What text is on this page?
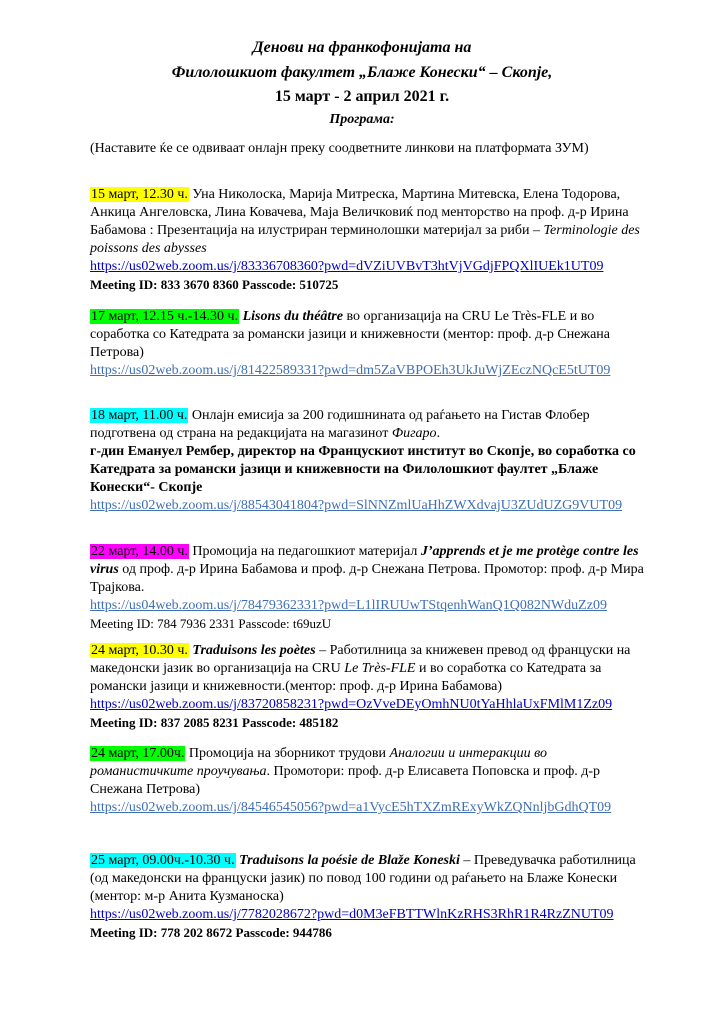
Денови на франкофонијата на
Филолошкиот факултет „Блаже Конески“ – Скопје,
15 март - 2 април 2021 г.
Програма:
(Наставите ќе се одвиваат онлајн преку соодветните линкови на платформата ЗУМ)
15 март, 12.30 ч. Уна Николоска, Марија Митреска, Мартина Митевска, Елена Тодорова, Анкица Ангеловска, Лина Ковачева, Маја Величковиќ под менторство на проф. д-р Ирина Бабамова : Презентација на илустриран терминолошки материјал за риби – Terminologie des poissons des abysses
https://us02web.zoom.us/j/83336708360?pwd=dVZiUVBvT3htVjVGdjFPQXlIUEk1UT09
Meeting ID: 833 3670 8360 Passcode: 510725
17 март, 12.15 ч.-14.30 ч. Lisons du théâtre во организација на CRU Le Très-FLE и во соработка со Катедрата за романски јазици и книжевности (ментор: проф. д-р Снежана Петрова)
https://us02web.zoom.us/j/81422589331?pwd=dm5ZaVBPOEh3UkJuWjZEczNQcE5tUT09
18 март, 11.00 ч. Онлајн емисија за 200 годишнината од раѓањето на Гистав Флобер подготвена од страна на редакцијата на магазинот Фигаро.
г-дин Емануел Рембер, директор на Францускиот институт во Скопје, во соработка со Катедрата за романски јазици и книжевности на Филолошкиот фаултет „Блаже Конески“- Скопје
https://us02web.zoom.us/j/88543041804?pwd=SlNNZmlUaHhZWXdvajU3ZUdUZG9VUT09
22 март, 14.00 ч. Промоција на педагошкиот материјал J’apprends et je me protège contre les virus од проф. д-р Ирина Бабамова и проф. д-р Снежана Петрова. Промотор: проф. д-р Мира Трајкова.
https://us04web.zoom.us/j/78479362331?pwd=L1lIRUUwTStqenhWanQ1Q082NWduZz09
Meeting ID: 784 7936 2331 Passcode: t69uzU
24 март, 10.30 ч. Traduisons les poètes – Работилница за книжевен превод од француски на македонски јазик во организација на CRU Le Très-FLE и во соработка со Катедрата за романски јазици и книжевности.(ментор: проф. д-р Ирина Бабамова)
https://us02web.zoom.us/j/83720858231?pwd=OzVveDEyOmhNU0tYaHhlaUxFMlM1Zz09
Meeting ID: 837 2085 8231 Passcode: 485182
24 март, 17.00ч. Промоција на зборникот трудови Аналогии и интеракции во романистичките проучувања. Промотори: проф. д-р Елисавета Поповска и проф. д-р Снежана Петрова)
https://us02web.zoom.us/j/84546545056?pwd=a1VycE5hTXZmRExyWkZQNnljbGdhQT09
25 март, 09.00ч.-10.30 ч. Traduisons la poésie de Blaže Koneski – Преведувачка работилница (од македонски на француски јазик) по повод 100 години од раѓањето на Блаже Конески (ментор: м-р Анита Кузманоска)
https://us02web.zoom.us/j/7782028672?pwd=d0M3eFBTTWlnKzRHS3RhR1R4RzZNUT09
Meeting ID: 778 202 8672 Passcode: 944786
